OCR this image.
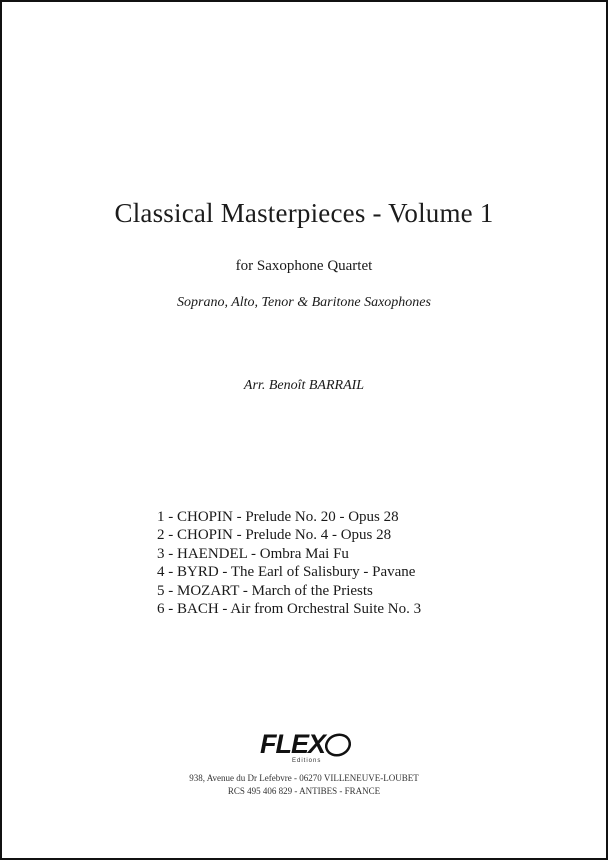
Classical Masterpieces - Volume 1
for Saxophone Quartet
Soprano, Alto, Tenor & Baritone Saxophones
Arr. Benoît BARRAIL
1 - CHOPIN - Prelude No. 20 - Opus 28
2 - CHOPIN - Prelude No. 4 - Opus 28
3 - HAENDEL - Ombra Mai Fu
4 - BYRD - The Earl of Salisbury - Pavane
5 - MOZART - March of the Priests
6 - BACH - Air from Orchestral Suite No. 3
FLEX
Editions
938, Avenue du Dr Lefebvre - 06270 VILLENEUVE-LOUBET
RCS 495 406 829 - ANTIBES - FRANCE
